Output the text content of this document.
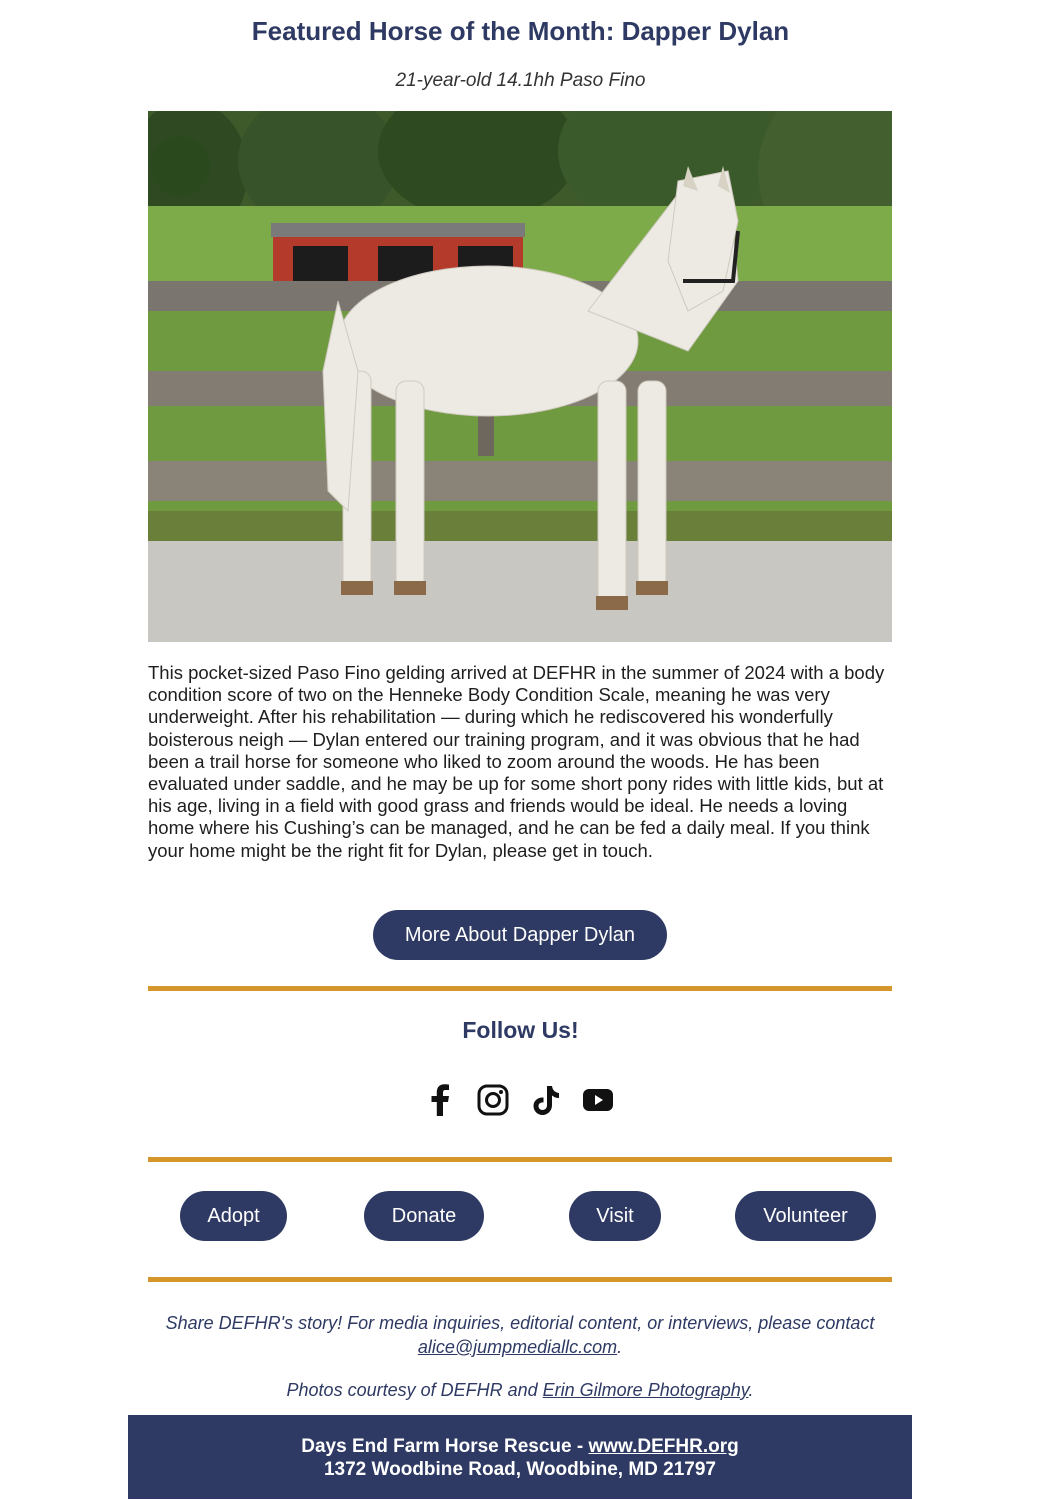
Featured Horse of the Month: Dapper Dylan
21-year-old 14.1hh Paso Fino
This pocket-sized Paso Fino gelding arrived at DEFHR in the summer of 2024 with a body condition score of two on the Henneke Body Condition Scale, meaning he was very underweight. After his rehabilitation — during which he rediscovered his wonderfully boisterous neigh — Dylan entered our training program, and it was obvious that he had been a trail horse for someone who liked to zoom around the woods. He has been evaluated under saddle, and he may be up for some short pony rides with little kids, but at his age, living in a field with good grass and friends would be ideal. He needs a loving home where his Cushing’s can be managed, and he can be fed a daily meal. If you think your home might be the right fit for Dylan, please get in touch.
More About Dapper Dylan
Follow Us!
Adopt	Donate	Visit	Volunteer
Share DEFHR's story! For media inquiries, editorial content, or interviews, please contact
alice@jumpmediallc.com.
Photos courtesy of DEFHR and Erin Gilmore Photography.
Days End Farm Horse Rescue - www.DEFHR.org
1372 Woodbine Road, Woodbine, MD 21797
